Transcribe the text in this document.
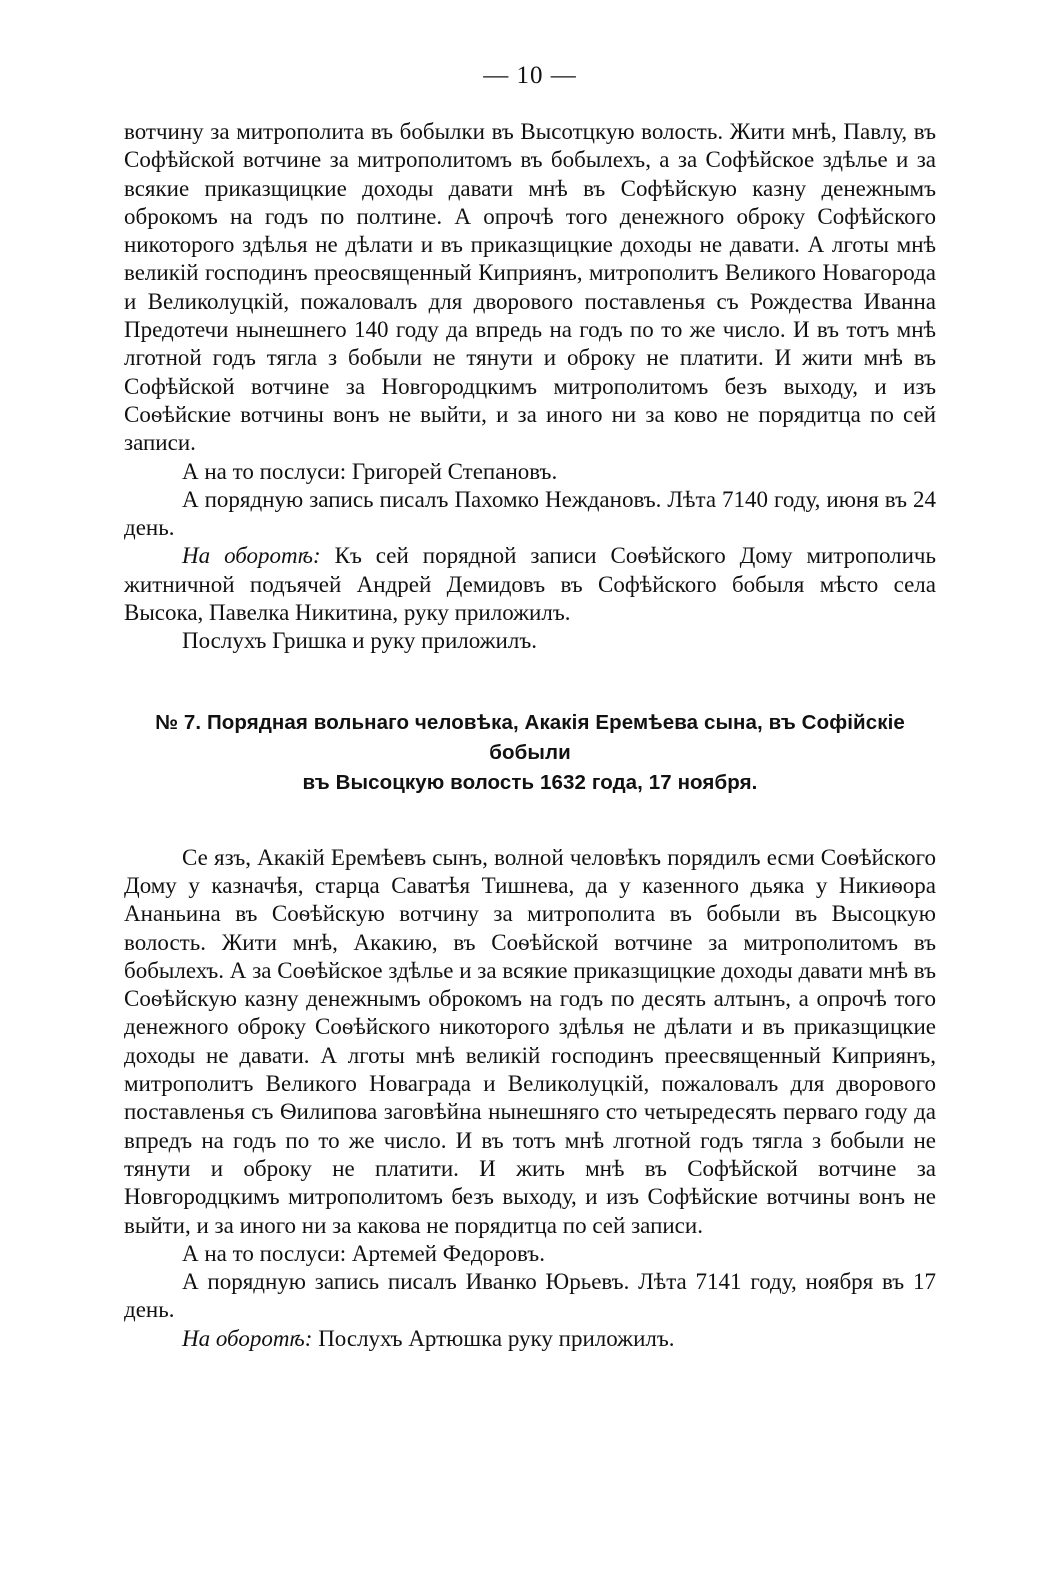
— 10 —

вотчину за митрополита въ бобылки въ Высотцкую волость. Жити мнѣ, Павлу, въ Софѣйской вотчине за митрополитомъ въ бобылехъ, а за Софѣйское здѣлье и за всякие приказщицкие доходы давати мнѣ въ Софѣйскую казну денежнымъ оброкомъ на годъ по полтине. А опрочѣ того денежного оброку Софѣйского никоторого здѣлья не дѣлати и въ приказщицкие доходы не давати. А лготы мнѣ великій господинъ преосвященный Киприянъ, митрополитъ Великого Новагорода и Великолуцкій, пожаловалъ для дворового поставленья съ Рождества Иванна Предотечи нынешнего 140 году да впредь на годъ по то же число. И въ тотъ мнѣ лготной годъ тягла з бобыли не тянути и оброку не платити. И жити мнѣ въ Софѣйской вотчине за Новгородцкимъ митрополитомъ безъ выходу, и изъ Соѳѣйские вотчины вонъ не выйти, и за иного ни за ково не порядитца по сей записи.

А на то послуси: Григорей Степановъ.

А порядную запись писалъ Пахомко Неждановъ. Лѣта 7140 году, июня въ 24 день.

На оборотѣ: Къ сей порядной записи Соѳѣйского Дому митрополичь житничной подъячей Андрей Демидовъ въ Софѣйского бобыля мѣсто села Высока, Павелка Никитина, руку приложилъ.

Послухъ Гришка и руку приложилъ.

№ 7. Порядная вольнаго человѣка, Акакія Еремѣева сына, въ Софійскіе бобыли
въ Высоцкую волость 1632 года, 17 ноября.

Се язъ, Акакій Еремѣевъ сынъ, волной человѣкъ порядилъ есми Соѳѣйского Дому у казначѣя, старца Саватѣя Тишнева, да у казенного дьяка у Никиѳора Ананьина въ Соѳѣйскую вотчину за митрополита въ бобыли въ Высоцкую волость. Жити мнѣ, Акакию, въ Соѳѣйской вотчине за митрополитомъ въ бобылехъ. А за Соѳѣйское здѣлье и за всякие приказщицкие доходы давати мнѣ въ Соѳѣйскую казну денежнымъ оброкомъ на годъ по десять алтынъ, а опрочѣ того денежного оброку Соѳѣйского никоторого здѣлья не дѣлати и въ приказщицкие доходы не давати. А лготы мнѣ великій господинъ преесвященный Киприянъ, митрополитъ Великого Новаграда и Великолуцкій, пожаловалъ для дворового поставленья съ Ѳилипова заговѣйна нынешняго сто четыредесять перваго году да впредъ на годъ по то же число. И въ тотъ мнѣ лготной годъ тягла з бобыли не тянути и оброку не платити. И жить мнѣ въ Софѣйской вотчине за Новгородцкимъ митрополитомъ безъ выходу, и изъ Софѣйские вотчины вонъ не выйти, и за иного ни за какова не порядитца по сей записи.

А на то послуси: Артемей Федоровъ.

А порядную запись писалъ Иванко Юрьевъ. Лѣта 7141 году, ноября въ 17 день.

На оборотѣ: Послухъ Артюшка руку приложилъ.
